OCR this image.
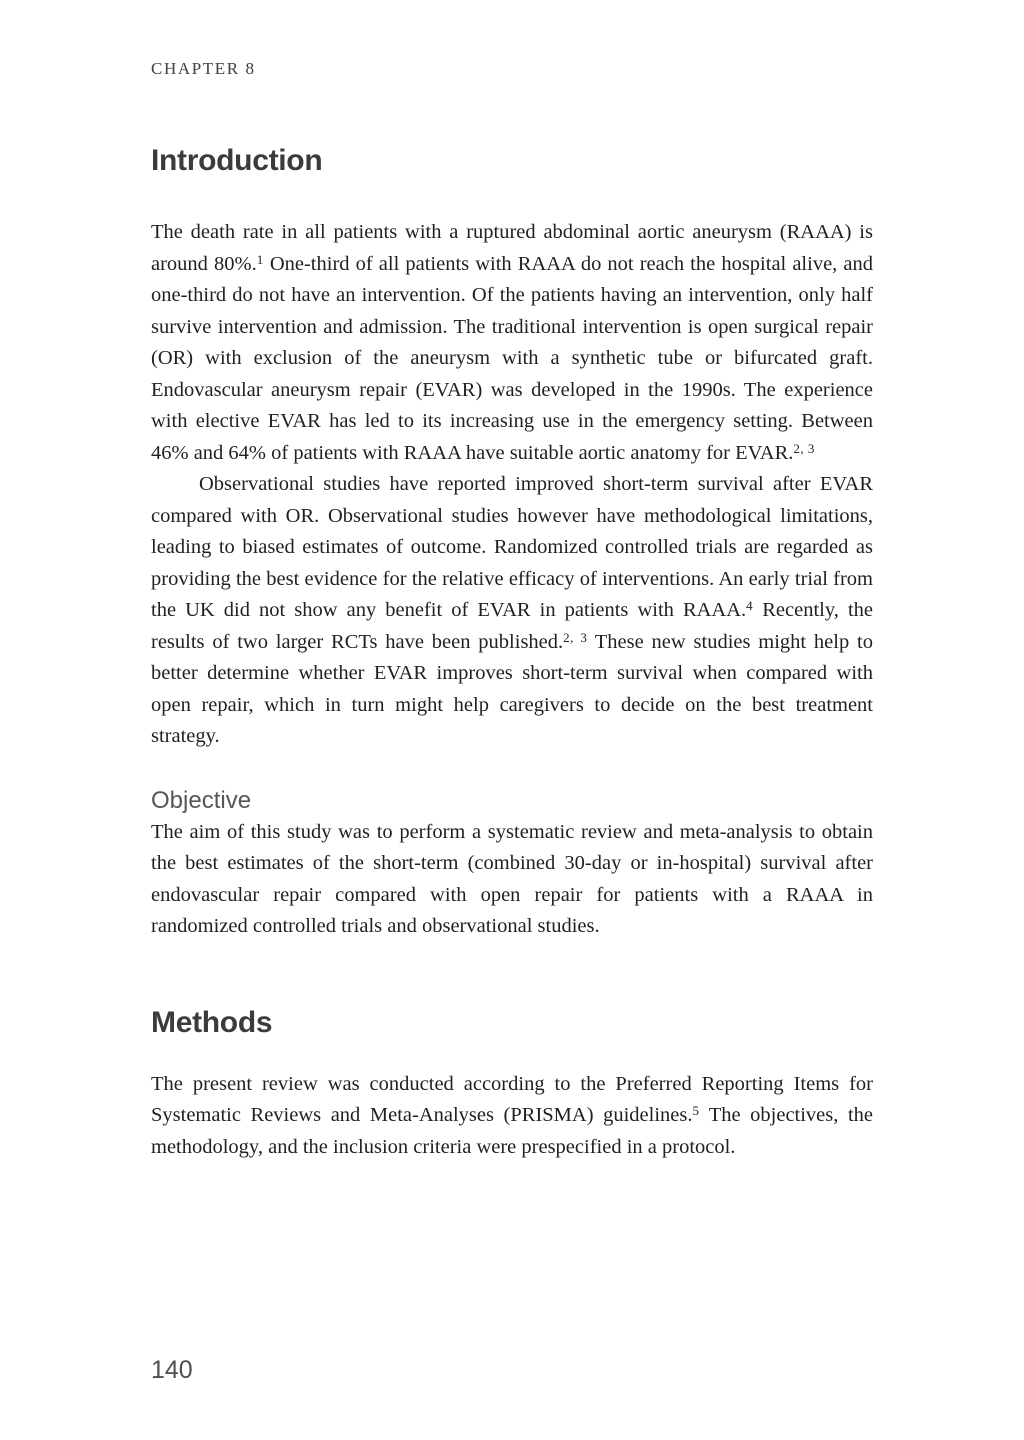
CHAPTER 8
Introduction

The death rate in all patients with a ruptured abdominal aortic aneurysm (RAAA) is around 80%.$^1$ One-third of all patients with RAAA do not reach the hospital alive, and one-third do not have an intervention. Of the patients having an intervention, only half survive intervention and admission. The traditional intervention is open surgical repair (OR) with exclusion of the aneurysm with a synthetic tube or bifurcated graft. Endovascular aneurysm repair (EVAR) was developed in the 1990s. The experience with elective EVAR has led to its increasing use in the emergency setting. Between 46% and 64% of patients with RAAA have suitable aortic anatomy for EVAR.$^{2, 3}$

Observational studies have reported improved short-term survival after EVAR compared with OR. Observational studies however have methodological limitations, leading to biased estimates of outcome. Randomized controlled trials are regarded as providing the best evidence for the relative efficacy of interventions. An early trial from the UK did not show any benefit of EVAR in patients with RAAA.$^4$ Recently, the results of two larger RCTs have been published.$^{2, 3}$ These new studies might help to better determine whether EVAR improves short-term survival when compared with open repair, which in turn might help caregivers to decide on the best treatment strategy.

Objective

The aim of this study was to perform a systematic review and meta-analysis to obtain the best estimates of the short-term (combined 30-day or in-hospital) survival after endovascular repair compared with open repair for patients with a RAAA in randomized controlled trials and observational studies.

Methods

The present review was conducted according to the Preferred Reporting Items for Systematic Reviews and Meta-Analyses (PRISMA) guidelines.$^5$ The objectives, the methodology, and the inclusion criteria were prespecified in a protocol.

140
